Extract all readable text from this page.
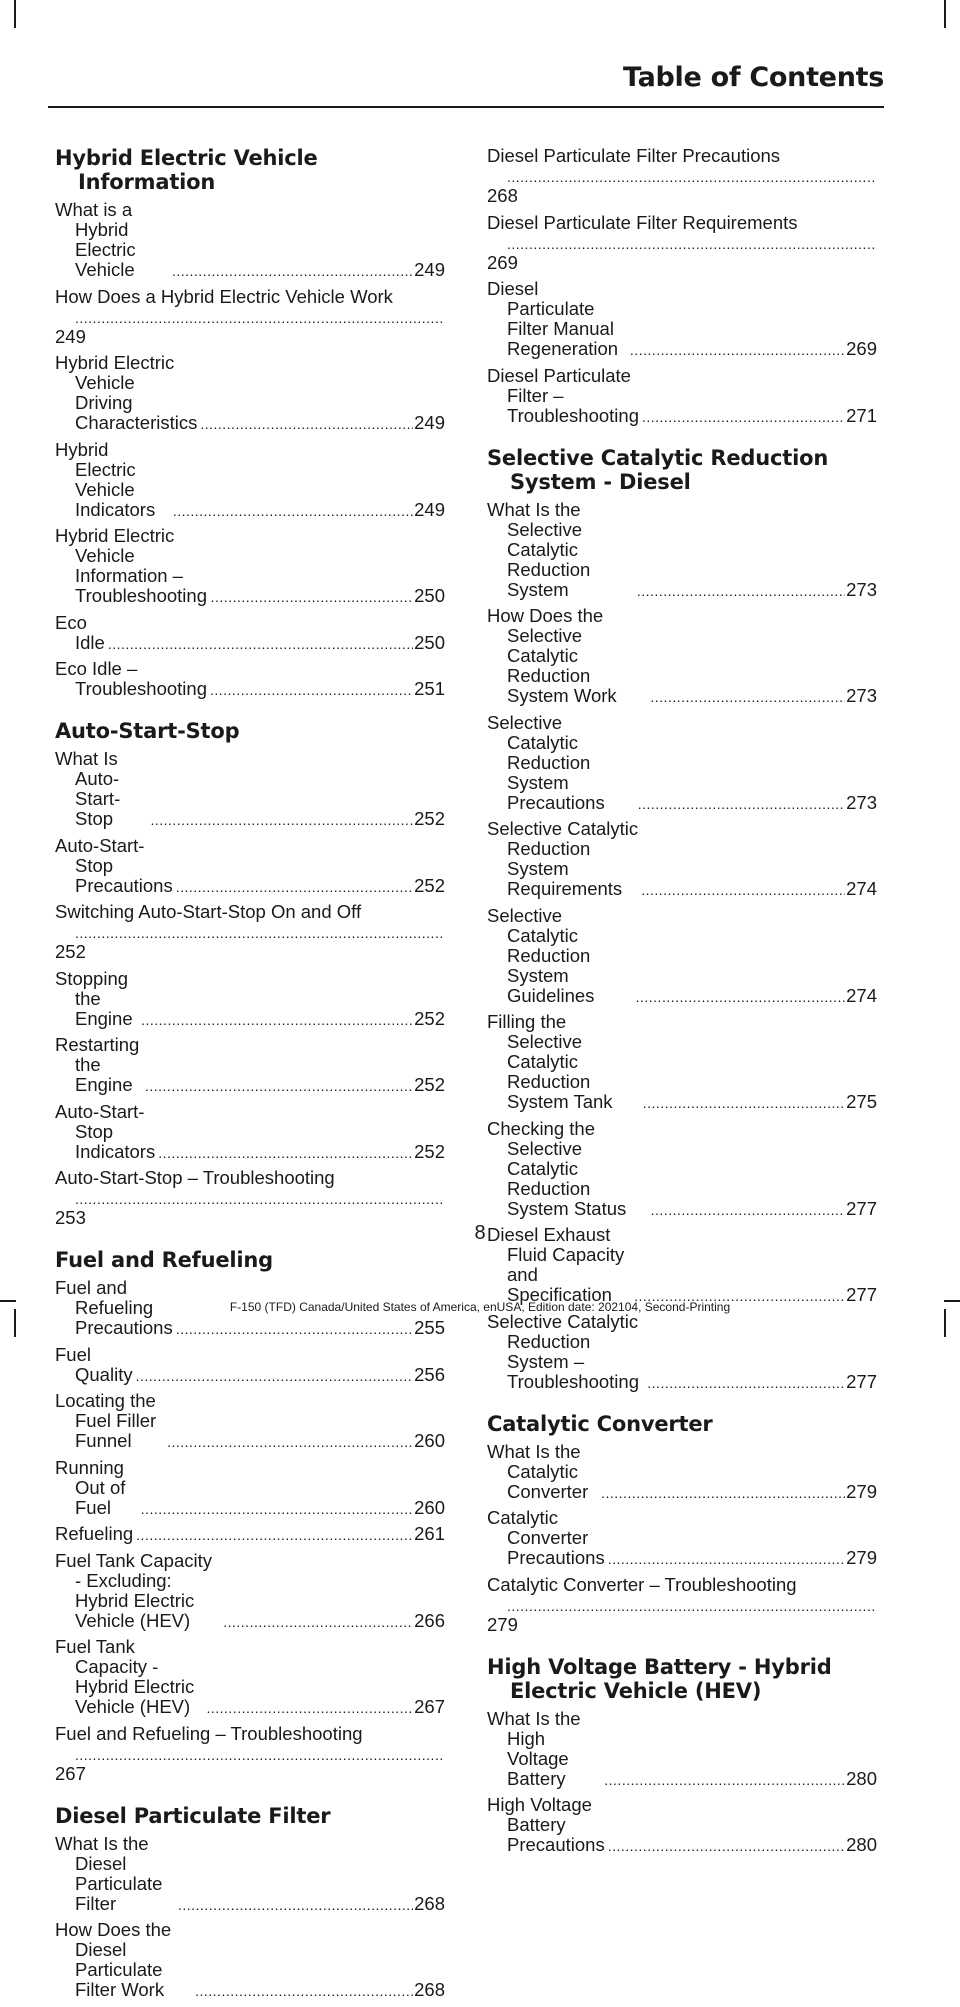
Table of Contents
Hybrid Electric Vehicle Information
What is a Hybrid Electric Vehicle .....	249
How Does a Hybrid Electric Vehicle Work
.....
249
Hybrid Electric Vehicle Driving Characteristics .....	249
Hybrid Electric Vehicle Indicators .....	249
Hybrid Electric Vehicle Information – Troubleshooting .....	250
Eco Idle .....	250
Eco Idle – Troubleshooting .....	251
Auto-Start-Stop
What Is Auto-Start-Stop .....	252
Auto-Start-Stop Precautions .....	252
Switching Auto-Start-Stop On and Off
.....
252
Stopping the Engine .....	252
Restarting the Engine .....	252
Auto-Start-Stop Indicators .....	252
Auto-Start-Stop – Troubleshooting
.....
253
Fuel and Refueling
Fuel and Refueling Precautions .....	255
Fuel Quality .....	256
Locating the Fuel Filler Funnel .....	260
Running Out of Fuel .....	260
Refueling .....	261
Fuel Tank Capacity - Excluding: Hybrid Electric Vehicle (HEV) .....	266
Fuel Tank Capacity - Hybrid Electric Vehicle (HEV) .....	267
Fuel and Refueling – Troubleshooting
.....
267
Diesel Particulate Filter
What Is the Diesel Particulate Filter .....	268
How Does the Diesel Particulate Filter Work .....	268
Diesel Particulate Filter Precautions
.....
268
Diesel Particulate Filter Requirements
.....
269
Diesel Particulate Filter Manual Regeneration .....	269
Diesel Particulate Filter – Troubleshooting .....	271
Selective Catalytic Reduction System - Diesel
What Is the Selective Catalytic Reduction System .....	273
How Does the Selective Catalytic Reduction System Work .....	273
Selective Catalytic Reduction System Precautions .....	273
Selective Catalytic Reduction System Requirements .....	274
Selective Catalytic Reduction System Guidelines .....	274
Filling the Selective Catalytic Reduction System Tank .....	275
Checking the Selective Catalytic Reduction System Status .....	277
Diesel Exhaust Fluid Capacity and Specification .....	277
Selective Catalytic Reduction System – Troubleshooting .....	277
Catalytic Converter
What Is the Catalytic Converter .....	279
Catalytic Converter Precautions .....	279
Catalytic Converter – Troubleshooting
.....
279
High Voltage Battery - Hybrid Electric Vehicle (HEV)
What Is the High Voltage Battery .....	280
High Voltage Battery Precautions .....	280
8
F-150 (TFD) Canada/United States of America, enUSA, Edition date: 202104, Second-Printing
